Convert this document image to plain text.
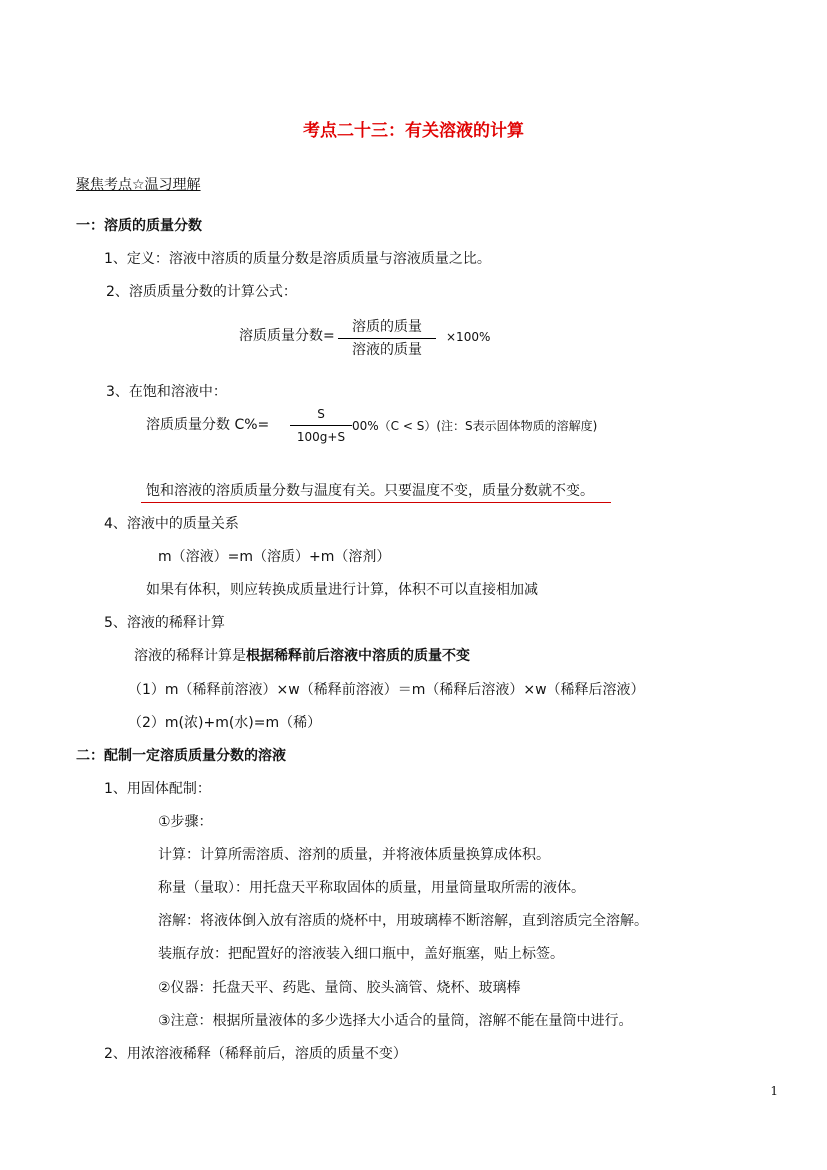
考点二十三：有关溶液的计算
聚焦考点☆温习理解
一：溶质的质量分数
1、定义：溶液中溶质的质量分数是溶质质量与溶液质量之比。
2、溶质质量分数的计算公式：
溶质质量分数=
溶质的质量
溶液的质量
×100%
3、在饱和溶液中：
溶质质量分数 $C\%= \frac{S}{100g+S} 00\%(C < S)$(注：S表示固体物质的溶解度)
饱和溶液的溶质质量分数与温度有关。只要温度不变，质量分数就不变。
4、溶液中的质量关系
m（溶液）=m（溶质）+m（溶剂）
如果有体积，则应转换成质量进行计算，体积不可以直接相加减
5、溶液的稀释计算
溶液的稀释计算是根据稀释前后溶液中溶质的质量不变
（1）m（稀释前溶液）×w（稀释前溶液）＝m（稀释后溶液）×w（稀释后溶液）
（2）m(浓)+m(水)=m（稀）
二：配制一定溶质质量分数的溶液
1、用固体配制：
①步骤：
计算：计算所需溶质、溶剂的质量，并将液体质量换算成体积。
称量（量取）：用托盘天平称取固体的质量，用量筒量取所需的液体。
溶解：将液体倒入放有溶质的烧杯中，用玻璃棒不断溶解，直到溶质完全溶解。
装瓶存放：把配置好的溶液装入细口瓶中，盖好瓶塞，贴上标签。
②仪器：托盘天平、药匙、量筒、胶头滴管、烧杯、玻璃棒
③注意：根据所量液体的多少选择大小适合的量筒，溶解不能在量筒中进行。
2、用浓溶液稀释（稀释前后，溶质的质量不变）
1
